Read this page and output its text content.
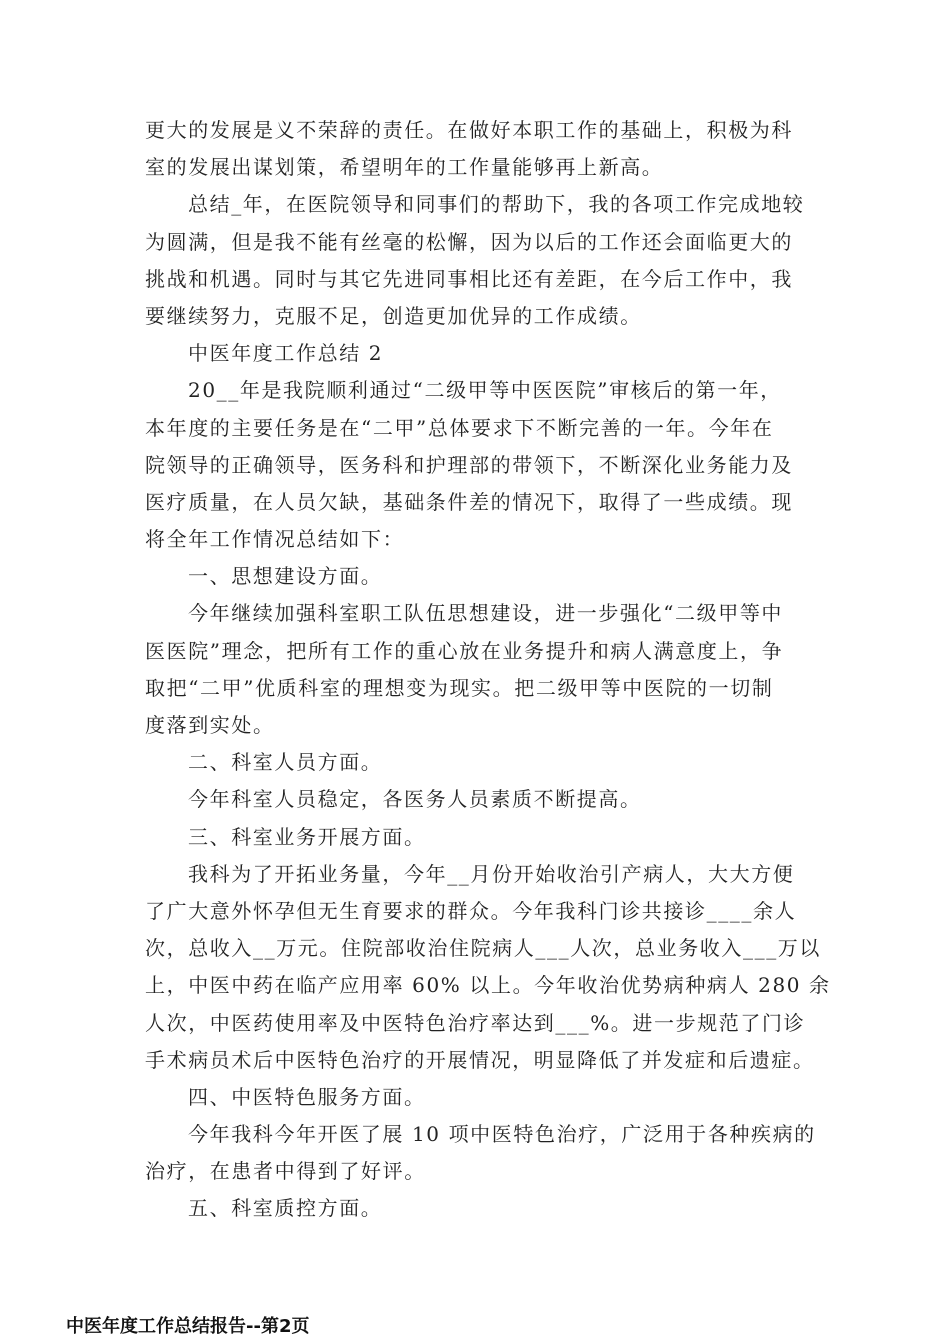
更大的发展是义不荣辞的责任。在做好本职工作的基础上，积极为科
室的发展出谋划策，希望明年的工作量能够再上新高。
总结_年，在医院领导和同事们的帮助下，我的各项工作完成地较
为圆满，但是我不能有丝毫的松懈，因为以后的工作还会面临更大的
挑战和机遇。同时与其它先进同事相比还有差距，在今后工作中，我
要继续努力，克服不足，创造更加优异的工作成绩。
中医年度工作总结 2
20__年是我院顺利通过“二级甲等中医医院”审核后的第一年，
本年度的主要任务是在“二甲”总体要求下不断完善的一年。今年在
院领导的正确领导，医务科和护理部的带领下，不断深化业务能力及
医疗质量，在人员欠缺，基础条件差的情况下，取得了一些成绩。现
将全年工作情况总结如下：
一、思想建设方面。
今年继续加强科室职工队伍思想建设，进一步强化“二级甲等中
医医院”理念，把所有工作的重心放在业务提升和病人满意度上，争
取把“二甲”优质科室的理想变为现实。把二级甲等中医院的一切制
度落到实处。
二、科室人员方面。
今年科室人员稳定，各医务人员素质不断提高。
三、科室业务开展方面。
我科为了开拓业务量，今年__月份开始收治引产病人，大大方便
了广大意外怀孕但无生育要求的群众。今年我科门诊共接诊____余人
次，总收入__万元。住院部收治住院病人___人次，总业务收入___万以
上，中医中药在临产应用率 60% 以上。今年收治优势病种病人 280 余
人次，中医药使用率及中医特色治疗率达到___%。进一步规范了门诊
手术病员术后中医特色治疗的开展情况，明显降低了并发症和后遗症。
四、中医特色服务方面。
今年我科今年开医了展 10 项中医特色治疗，广泛用于各种疾病的
治疗，在患者中得到了好评。
五、科室质控方面。
中医年度工作总结报告--第2页
